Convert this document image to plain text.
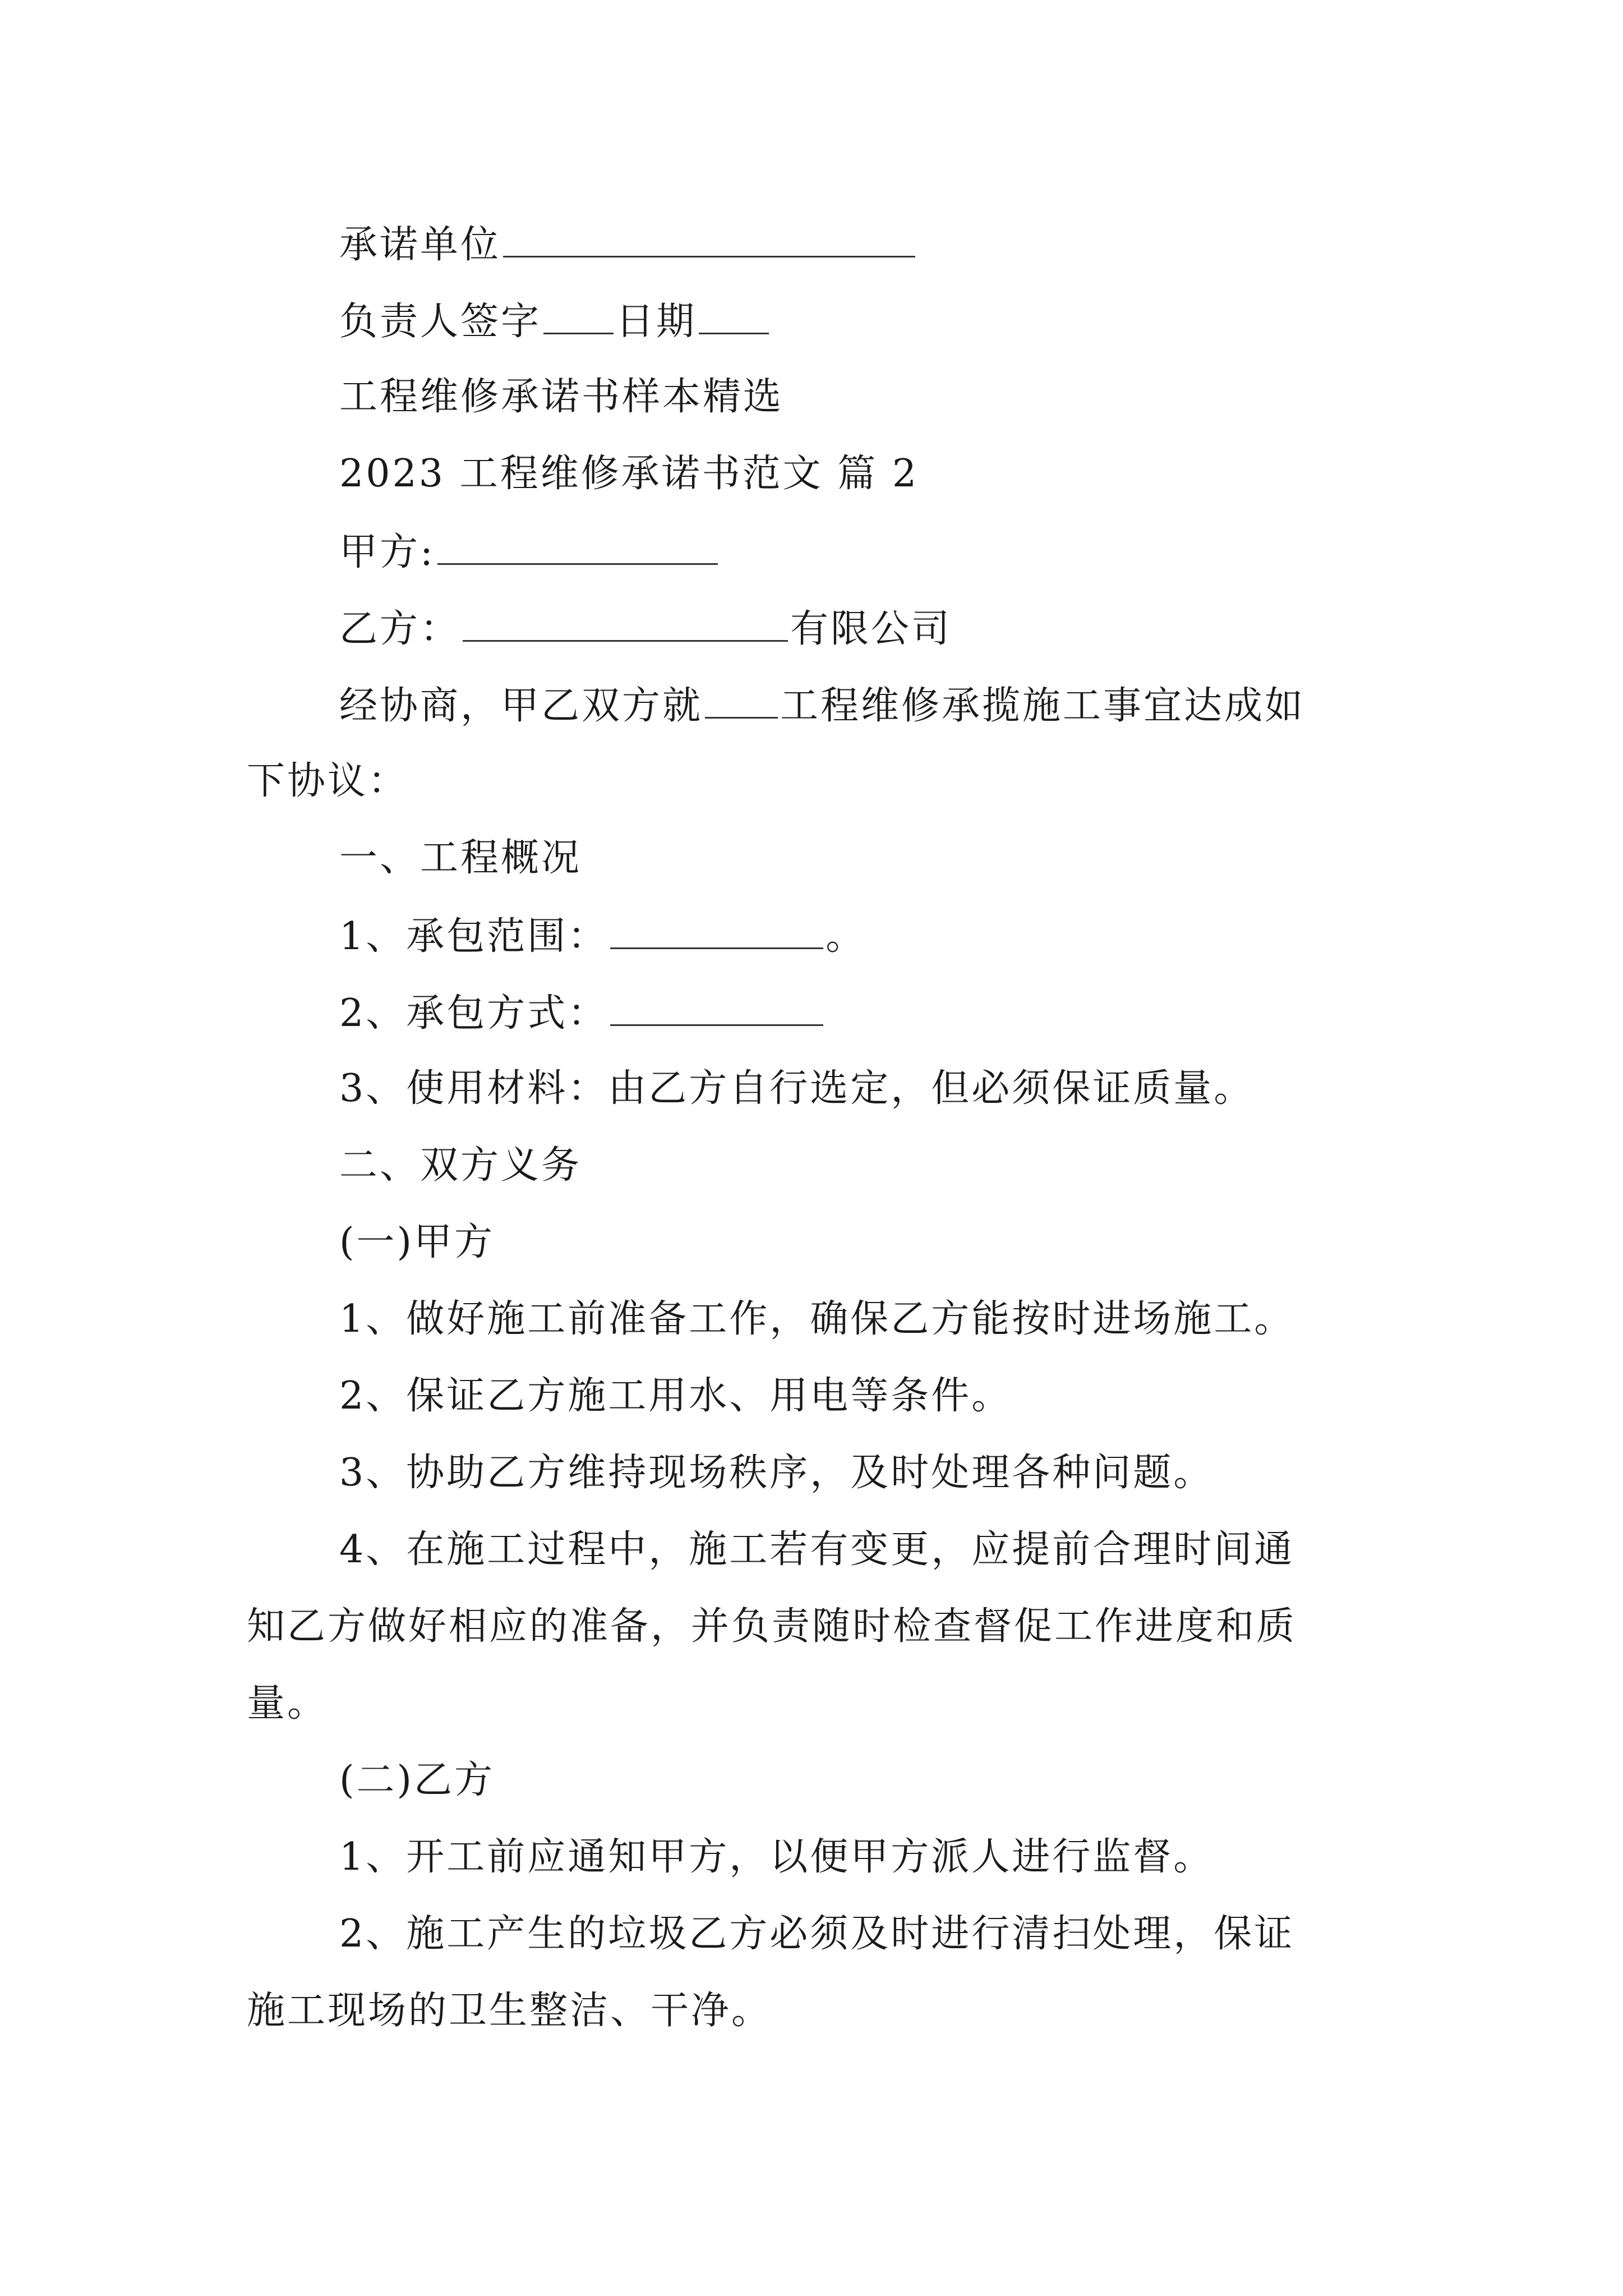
承诺单位
负责人签字 日期
工程维修承诺书样本精选
2023 工程维修承诺书范文 篇 2
甲方:
乙方：	有限公司
经协商，甲乙双方就 工程维修承揽施工事宜达成如
下协议：
一、工程概况
1、承包范围：	。
2、承包方式：
3、使用材料：由乙方自行选定，但必须保证质量。
二、双方义务
(一)甲方
1、做好施工前准备工作，确保乙方能按时进场施工。
2、保证乙方施工用水、用电等条件。
3、协助乙方维持现场秩序，及时处理各种问题。
4、在施工过程中，施工若有变更，应提前合理时间通
知乙方做好相应的准备，并负责随时检查督促工作进度和质
量。
(二)乙方
1、开工前应通知甲方，以便甲方派人进行监督。
2、施工产生的垃圾乙方必须及时进行清扫处理，保证
施工现场的卫生整洁、干净。
